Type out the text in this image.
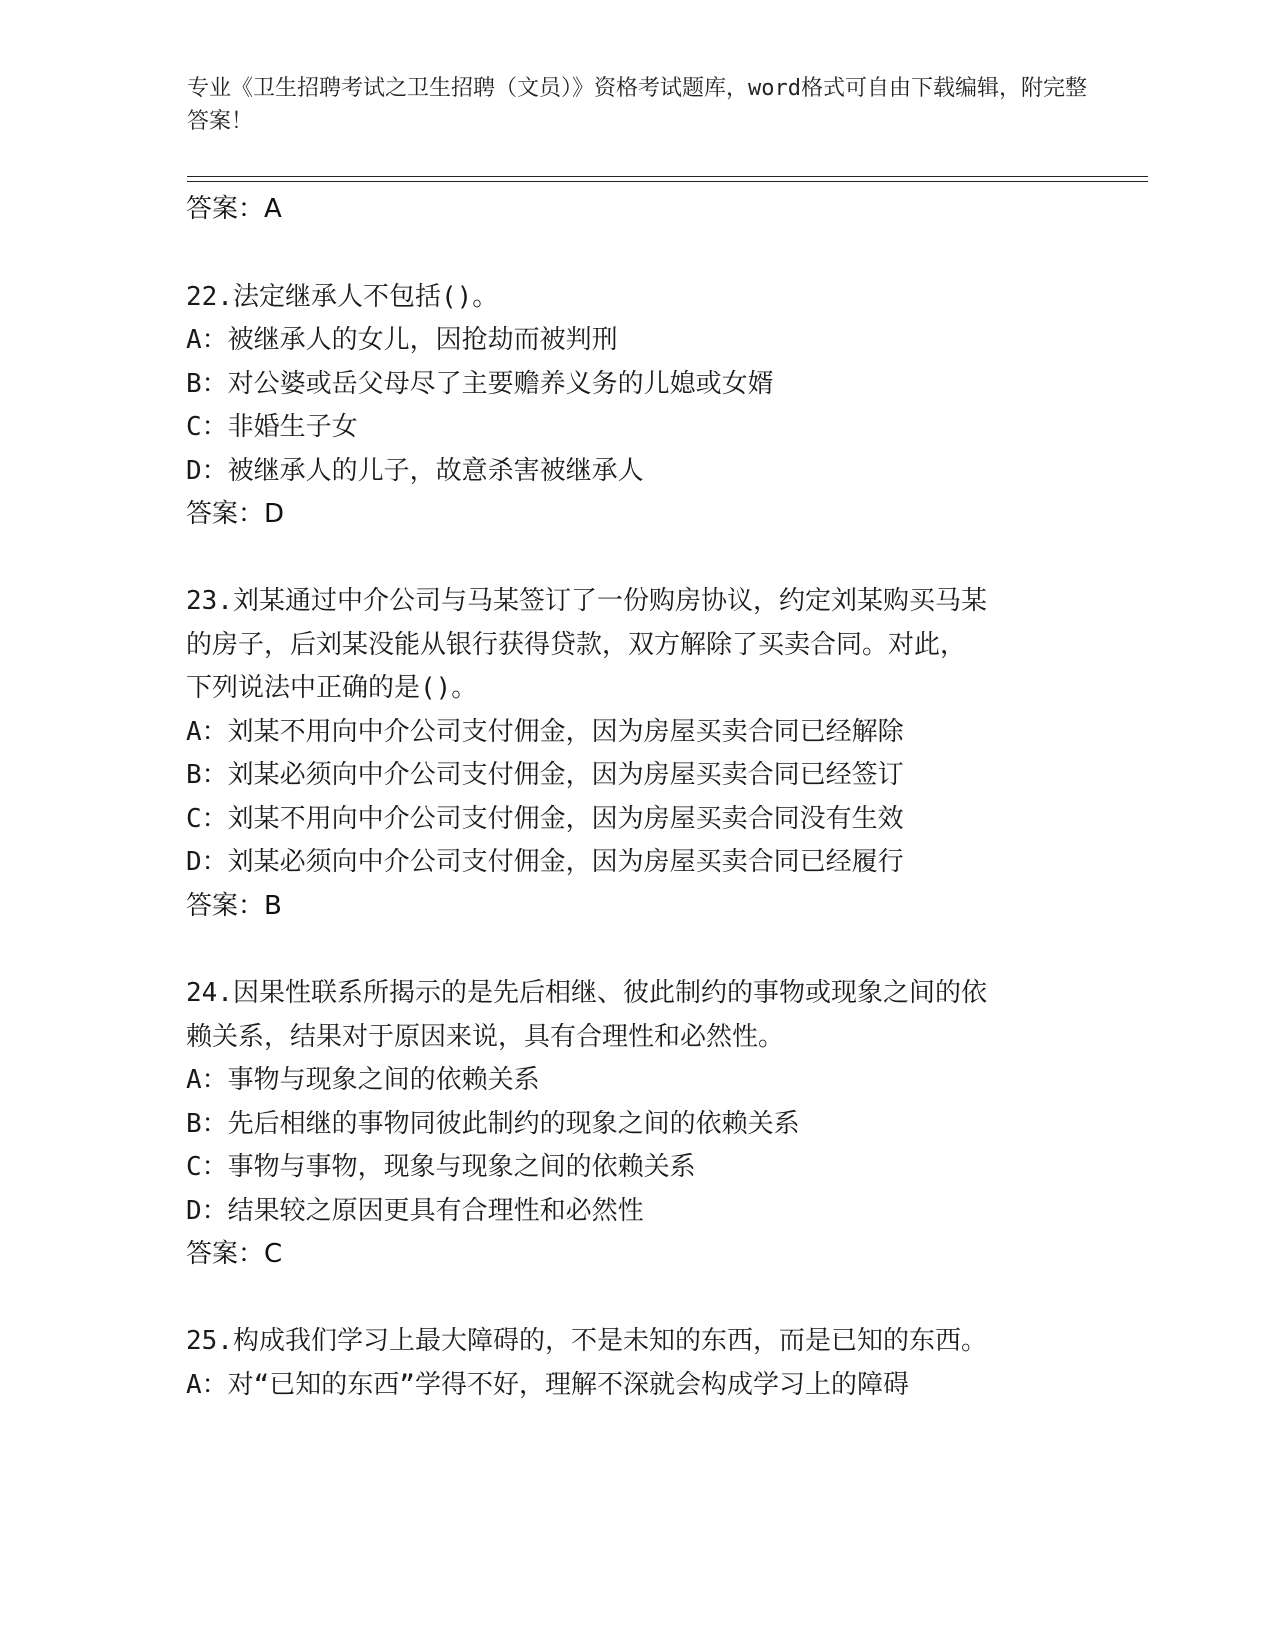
专业《卫生招聘考试之卫生招聘（文员）》资格考试题库，word格式可自由下载编辑，附完整答案！

答案：A
22.法定继承人不包括()。
A：被继承人的女儿，因抢劫而被判刑
B：对公婆或岳父母尽了主要赡养义务的儿媳或女婿
C：非婚生子女
D：被继承人的儿子，故意杀害被继承人
答案：D
23.刘某通过中介公司与马某签订了一份购房协议，约定刘某购买马某
的房子，后刘某没能从银行获得贷款，双方解除了买卖合同。对此，
下列说法中正确的是()。
A：刘某不用向中介公司支付佣金，因为房屋买卖合同已经解除
B：刘某必须向中介公司支付佣金，因为房屋买卖合同已经签订
C：刘某不用向中介公司支付佣金，因为房屋买卖合同没有生效
D：刘某必须向中介公司支付佣金，因为房屋买卖合同已经履行
答案：B
24.因果性联系所揭示的是先后相继、彼此制约的事物或现象之间的依
赖关系，结果对于原因来说，具有合理性和必然性。
A：事物与现象之间的依赖关系
B：先后相继的事物同彼此制约的现象之间的依赖关系
C：事物与事物，现象与现象之间的依赖关系
D：结果较之原因更具有合理性和必然性
答案：C
25.构成我们学习上最大障碍的，不是未知的东西，而是已知的东西。
A：对“已知的东西”学得不好，理解不深就会构成学习上的障碍
